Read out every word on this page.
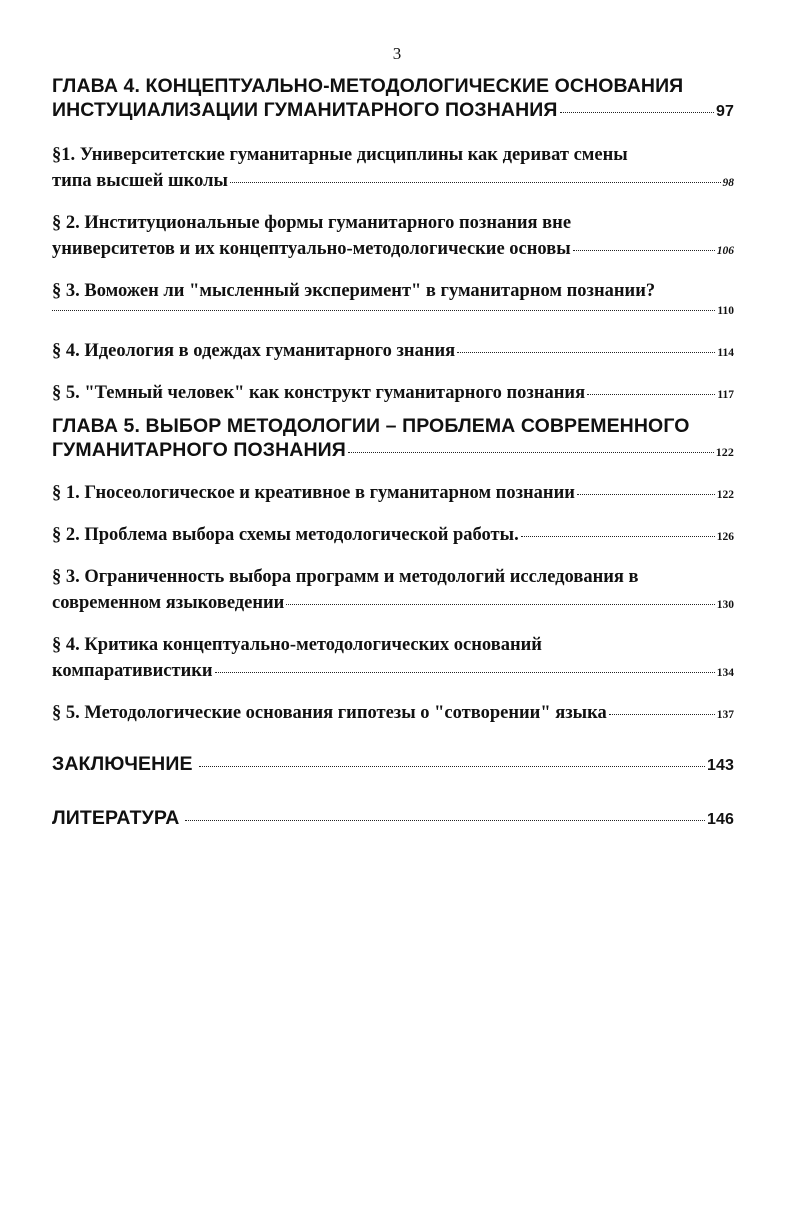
3
ГЛАВА 4. КОНЦЕПТУАЛЬНО-МЕТОДОЛОГИЧЕСКИЕ ОСНОВАНИЯ
ИНСТУЦИАЛИЗАЦИИ ГУМАНИТАРНОГО ПОЗНАНИЯ	97
§1. Университетские гуманитарные дисциплины как дериват смены
типа высшей школы	98
§ 2. Институциональные формы гуманитарного познания вне
университетов и их концептуально-методологические основы	106
§ 3. Воможен ли "мысленный эксперимент" в гуманитарном познании?
110
§ 4. Идеология в одеждах гуманитарного знания	114
§ 5. "Темный человек" как конструкт гуманитарного познания	117
ГЛАВА 5. ВЫБОР МЕТОДОЛОГИИ – ПРОБЛЕМА СОВРЕМЕННОГО
ГУМАНИТАРНОГО ПОЗНАНИЯ	122
§ 1. Гносеологическое и креативное в гуманитарном познании	122
§ 2. Проблема выбора схемы методологической работы.	126
§ 3. Ограниченность выбора программ и методологий исследования в
современном языковедении	130
§ 4. Критика концептуально-методологических оснований
компаративистики	134
§ 5. Методологические основания гипотезы о "сотворении" языка	137
ЗАКЛЮЧЕНИЕ	143
ЛИТЕРАТУРА	146
